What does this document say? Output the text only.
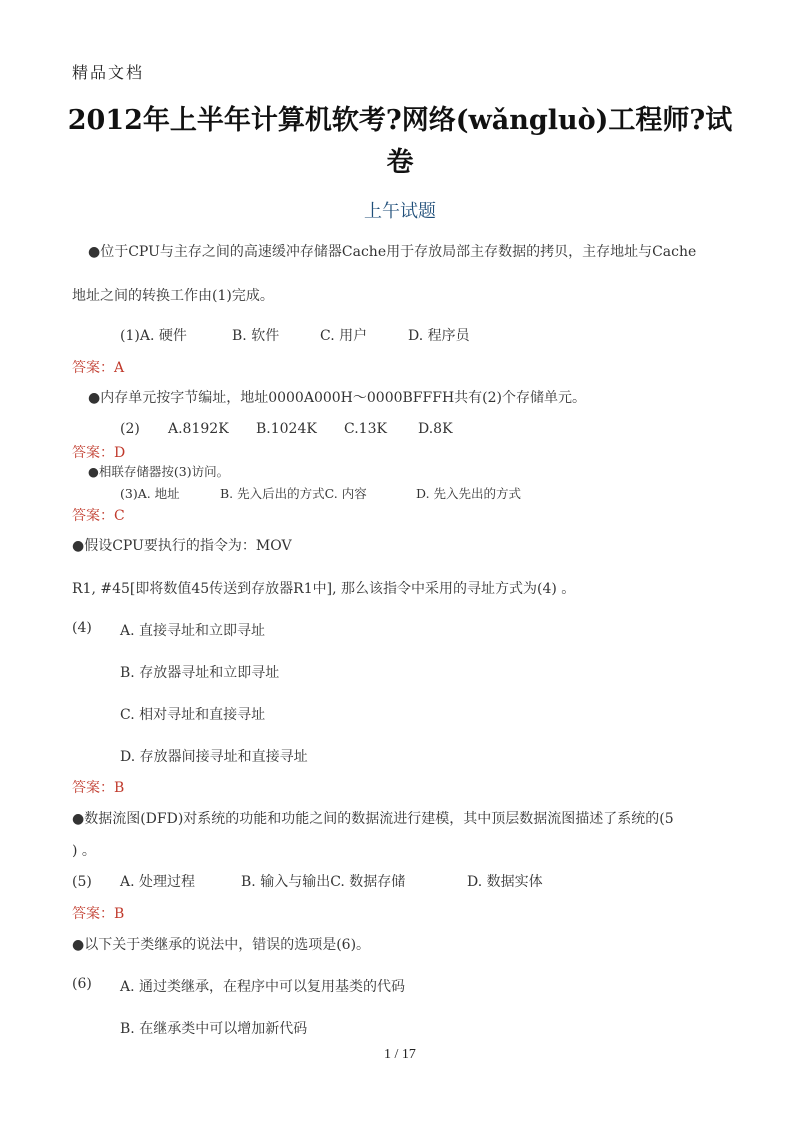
精品文档
2012年上半年计算机软考?网络(wǎngluò)工程师?试
卷
上午试题
●位于CPU与主存之间的高速缓冲存储器Cache用于存放局部主存数据的拷贝，主存地址与Cache
地址之间的转换工作由(1)完成。
(1)A. 硬件	B. 软件	C. 用户	D. 程序员
答案：A
●内存单元按字节编址，地址0000A000H～0000BFFFH共有(2)个存储单元。
(2) A.8192K B.1024K C.13K D.8K
答案：D
●相联存储器按(3)访问。
(3)A. 地址	B. 先入后出的方式C. 内容	D. 先入先出的方式
答案：C
●假设CPU要执行的指令为：MOV
R1, #45[即将数值45传送到存放器R1中], 那么该指令中采用的寻址方式为(4) 。
(4) A. 直接寻址和立即寻址
B. 存放器寻址和立即寻址
C. 相对寻址和直接寻址
D. 存放器间接寻址和直接寻址
答案：B
●数据流图(DFD)对系统的功能和功能之间的数据流进行建模，其中顶层数据流图描述了系统的(5
) 。
(5) A. 处理过程	B. 输入与输出C. 数据存储	D. 数据实体
答案：B
●以下关于类继承的说法中，错误的选项是(6)。
(6) A. 通过类继承，在程序中可以复用基类的代码
B. 在继承类中可以增加新代码
1 / 17
